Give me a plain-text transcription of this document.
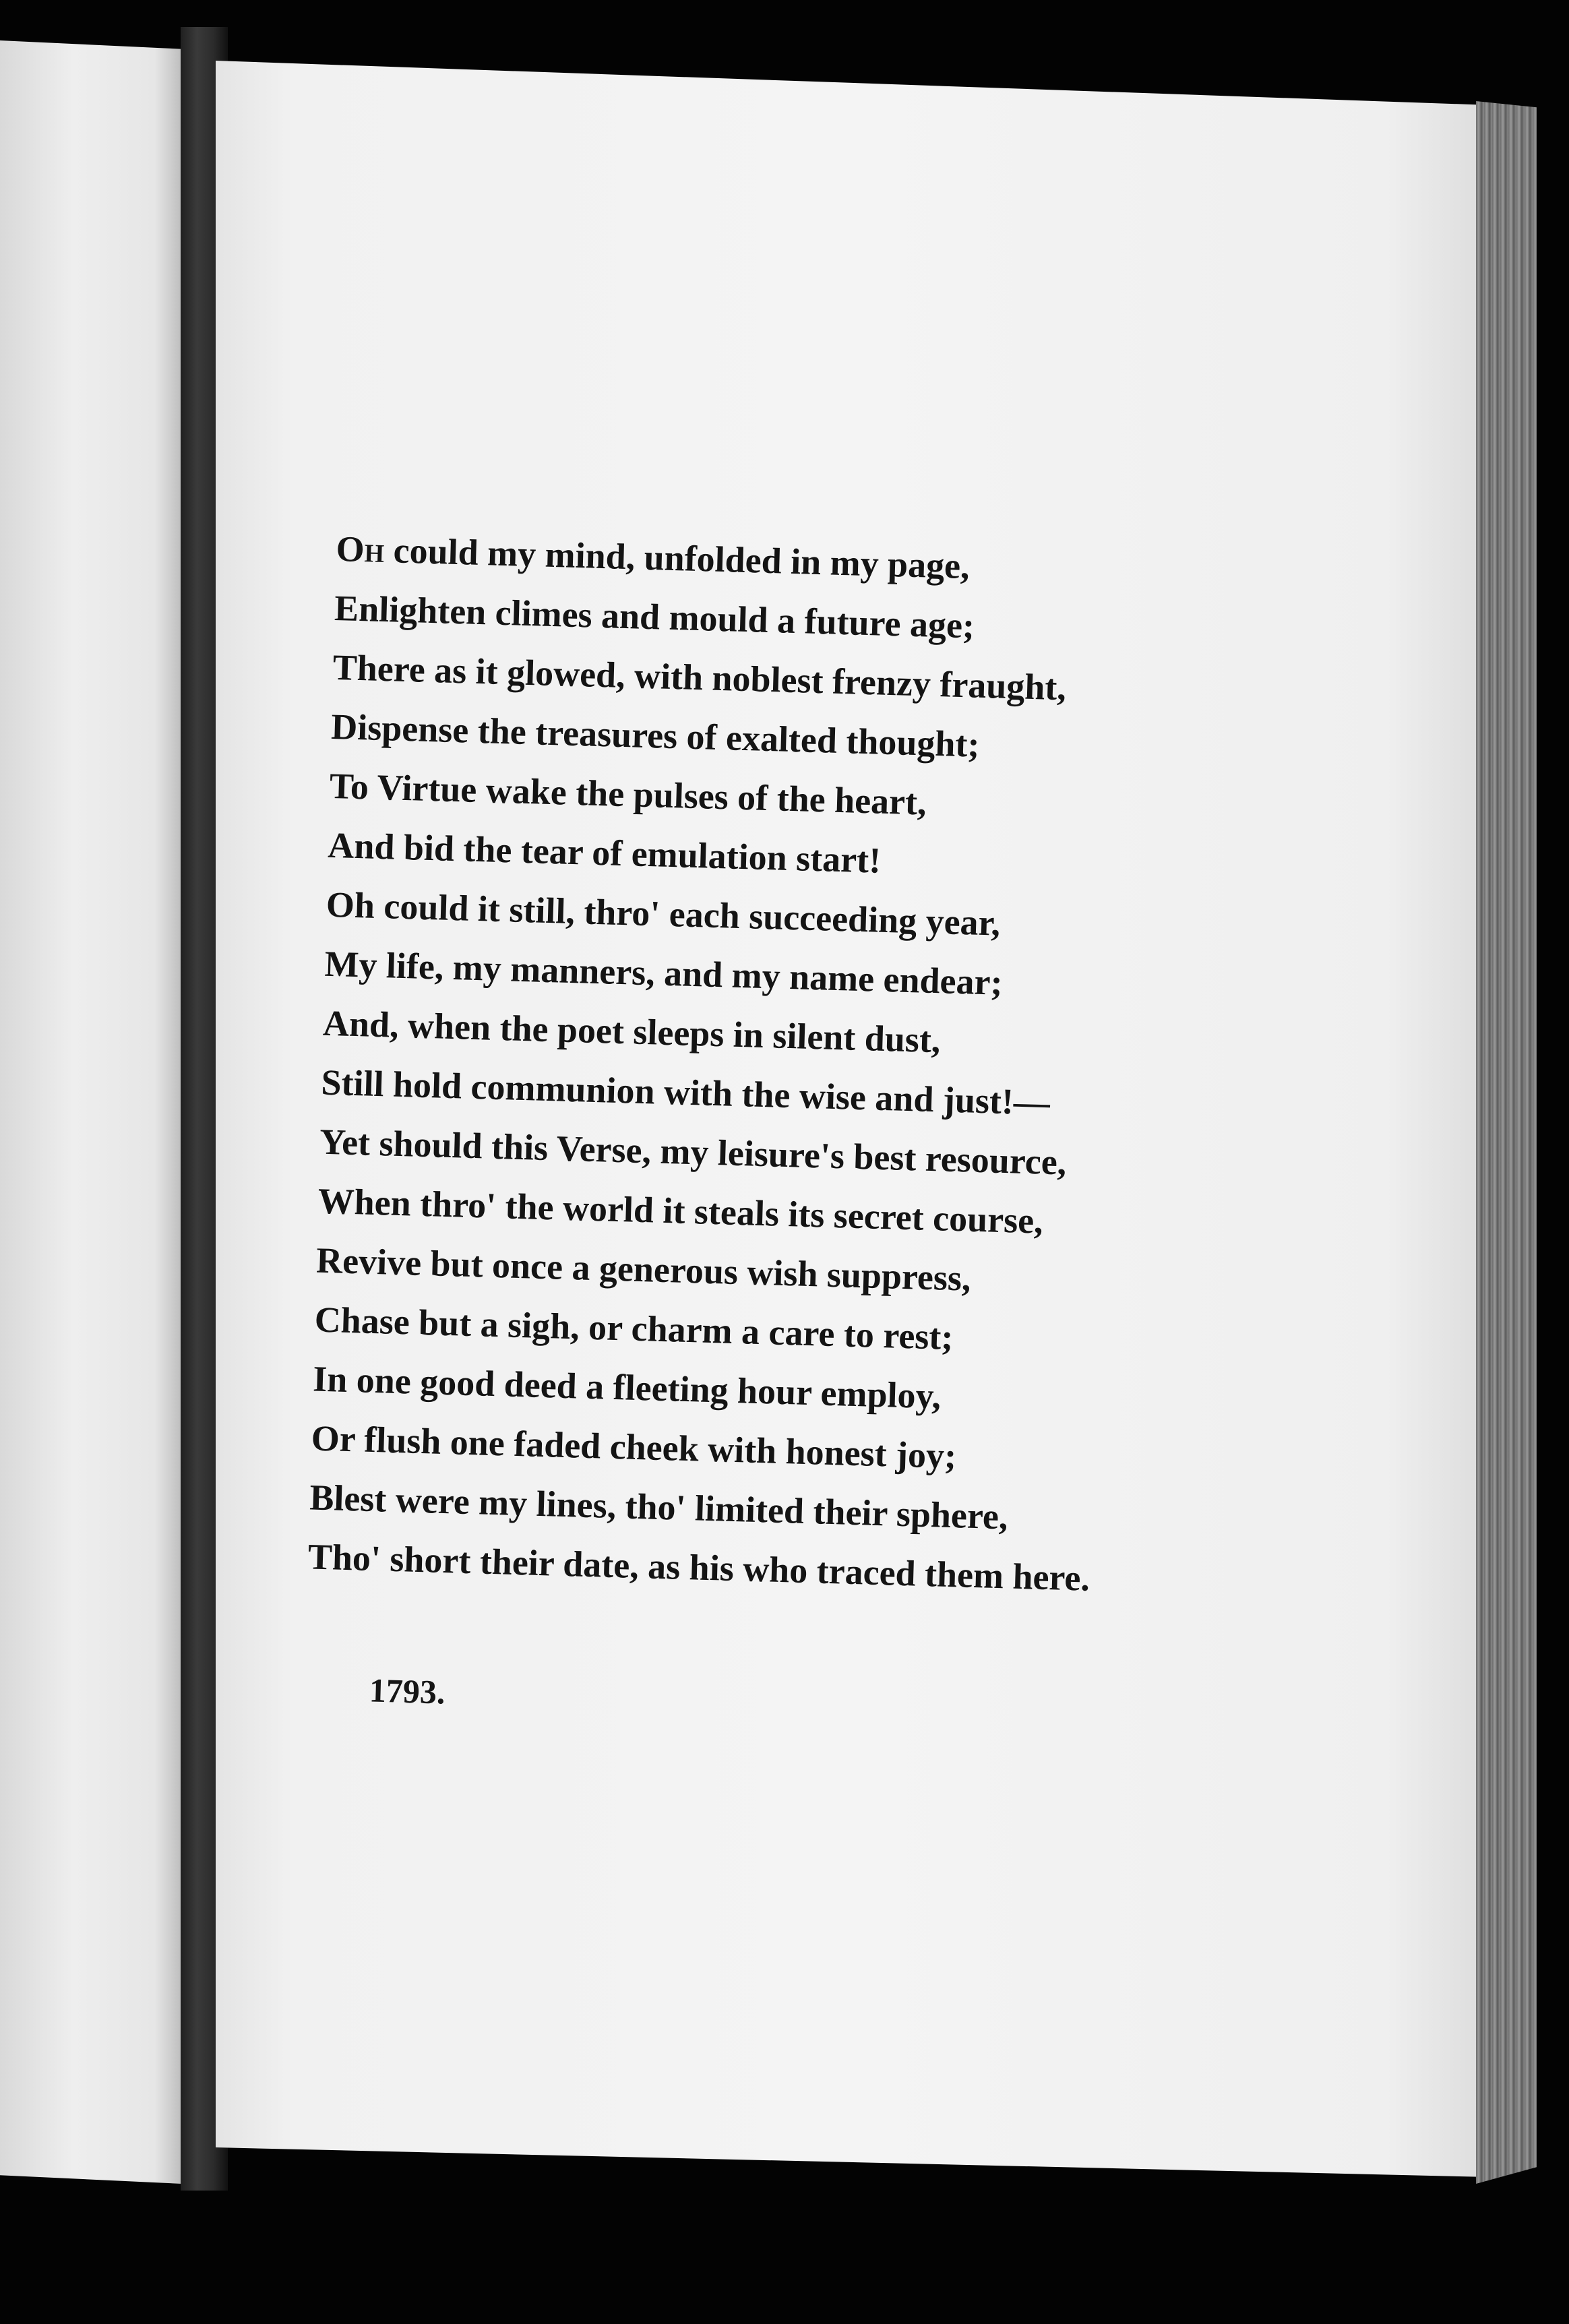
Oh could my mind, unfolded in my page,
Enlighten climes and mould a future age;
There as it glowed, with noblest frenzy fraught,
Dispense the treasures of exalted thought;
To Virtue wake the pulses of the heart,
And bid the tear of emulation start!
Oh could it still, thro' each succeeding year,
My life, my manners, and my name endear;
And, when the poet sleeps in silent dust,
Still hold communion with the wise and just!—
Yet should this Verse, my leisure's best resource,
When thro' the world it steals its secret course,
Revive but once a generous wish suppress,
Chase but a sigh, or charm a care to rest;
In one good deed a fleeting hour employ,
Or flush one faded cheek with honest joy;
Blest were my lines, tho' limited their sphere,
Tho' short their date, as his who traced them here.
1793.
